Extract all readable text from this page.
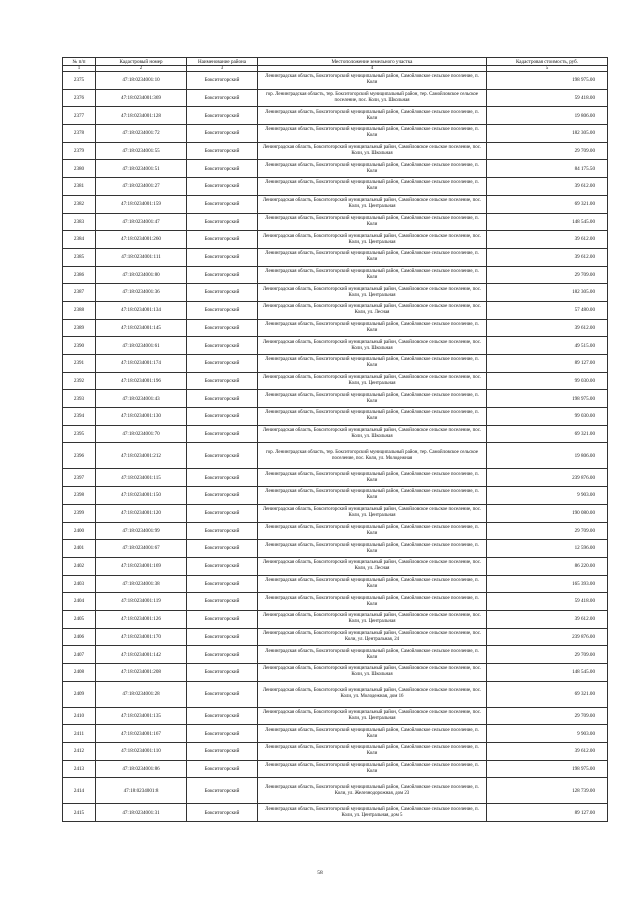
№ п/п	Кадастровый номер	Наименование района	Местоположение земельного участка	Кадастровая стоимость, руб.
1	2	3	4	5
2375	47:18:0234001:10	Бокситогорский	Ленинградская область, Бокситогорский муниципальный район, Самойловское сельское поселение, п. Коли	198 975.00
2376	47:18:0234001:369	Бокситогорский	гор. Ленинградская область, тер. Бокситогорский муниципальный район, тер. Самойловское сельское поселение, пос. Коли, ул. Школьная	59 418.00
2377	47:18:0234001:128	Бокситогорский	Ленинградская область, Бокситогорский муниципальный район, Самойловское сельское поселение, п. Коли	19 806.00
2378	47:18:0234001:72	Бокситогорский	Ленинградская область, Бокситогорский муниципальный район, Самойловское сельское поселение, п. Коли	182 305.00
2379	47:18:0234001:55	Бокситогорский	Ленинградская область, Бокситогорский муниципальный район, Самойловское сельское поселение, пос. Коли, ул. Школьная	29 709.00
2380	47:18:0234001:51	Бокситогорский	Ленинградская область, Бокситогорский муниципальный район, Самойловское сельское поселение, п. Коли	84 175.50
2381	47:18:0234001:27	Бокситогорский	Ленинградская область, Бокситогорский муниципальный район, Самойловское сельское поселение, п. Коли	39 612.00
2382	47:18:0234001:159	Бокситогорский	Ленинградская область, Бокситогорский муниципальный район, Самойловское сельское поселение, пос. Коли, ул. Центральная	69 321.00
2383	47:18:0234001:47	Бокситогорский	Ленинградская область, Бокситогорский муниципальный район, Самойловское сельское поселение, п. Коли	148 545.00
2384	47:18:0234001:260	Бокситогорский	Ленинградская область, Бокситогорский муниципальный район, Самойловское сельское поселение, пос. Коли, ул. Центральная	39 612.00
2385	47:18:0234001:111	Бокситогорский	Ленинградская область, Бокситогорский муниципальный район, Самойловское сельское поселение, п. Коли	39 612.00
2386	47:18:0234001:80	Бокситогорский	Ленинградская область, Бокситогорский муниципальный район, Самойловское сельское поселение, п. Коли	29 709.00
2387	47:18:0234001:36	Бокситогорский	Ленинградская область, Бокситогорский муниципальный район, Самойловское сельское поселение, пос. Коли, ул. Центральная	182 305.00
2388	47:18:0234001:134	Бокситогорский	Ленинградская область, Бокситогорский муниципальный район, Самойловское сельское поселение, пос. Коли, ул. Лесная	57 480.00
2389	47:18:0234001:145	Бокситогорский	Ленинградская область, Бокситогорский муниципальный район, Самойловское сельское поселение, п. Коли	39 612.00
2390	47:18:0234001:61	Бокситогорский	Ленинградская область, Бокситогорский муниципальный район, Самойловское сельское поселение, пос. Коли, ул. Школьная	49 515.00
2391	47:18:0234001:174	Бокситогорский	Ленинградская область, Бокситогорский муниципальный район, Самойловское сельское поселение, п. Коли	89 127.00
2392	47:18:0234001:196	Бокситогорский	Ленинградская область, Бокситогорский муниципальный район, Самойловское сельское поселение, пос. Коли, ул. Центральная	99 030.00
2393	47:18:0234001:43	Бокситогорский	Ленинградская область, Бокситогорский муниципальный район, Самойловское сельское поселение, п. Коли	198 975.00
2394	47:18:0234001:130	Бокситогорский	Ленинградская область, Бокситогорский муниципальный район, Самойловское сельское поселение, п. Коли	99 030.00
2395	47:18:0234001:70	Бокситогорский	Ленинградская область, Бокситогорский муниципальный район, Самойловское сельское поселение, пос. Коли, ул. Школьная	69 321.00
2396	47:18:0234001:212	Бокситогорский	гор. Ленинградская область, тер. Бокситогорский муниципальный район, тер. Самойловское сельское поселение, пос. Коли, ул. Молодежная	19 806.00
2397	47:18:0234001:115	Бокситогорский	Ленинградская область, Бокситогорский муниципальный район, Самойловское сельское поселение, п. Коли	239 876.00
2398	47:18:0234001:150	Бокситогорский	Ленинградская область, Бокситогорский муниципальный район, Самойловское сельское поселение, п. Коли	9 903.00
2399	47:18:0234001:120	Бокситогорский	Ленинградская область, Бокситогорский муниципальный район, Самойловское сельское поселение, пос. Коли, ул. Центральная	190 080.00
2400	47:18:0234001:99	Бокситогорский	Ленинградская область, Бокситогорский муниципальный район, Самойловское сельское поселение, п. Коли	29 709.00
2401	47:18:0234001:67	Бокситогорский	Ленинградская область, Бокситогорский муниципальный район, Самойловское сельское поселение, п. Коли	12 596.00
2402	47:18:0234001:169	Бокситогорский	Ленинградская область, Бокситогорский муниципальный район, Самойловское сельское поселение, пос. Коли, ул. Лесная	86 220.00
2403	47:18:0234001:38	Бокситогорский	Ленинградская область, Бокситогорский муниципальный район, Самойловское сельское поселение, п. Коли	165 393.00
2404	47:18:0234001:119	Бокситогорский	Ленинградская область, Бокситогорский муниципальный район, Самойловское сельское поселение, п. Коли	59 418.00
2405	47:18:0234001:126	Бокситогорский	Ленинградская область, Бокситогорский муниципальный район, Самойловское сельское поселение, пос. Коли, ул. Центральная	39 612.00
2406	47:18:0234001:170	Бокситогорский	Ленинградская область, Бокситогорский муниципальный район, Самойловское сельское поселение, пос. Коли, ул. Центральная, 24	239 876.00
2407	47:18:0234001:142	Бокситогорский	Ленинградская область, Бокситогорский муниципальный район, Самойловское сельское поселение, п. Коли	29 709.00
2408	47:18:0234001:208	Бокситогорский	Ленинградская область, Бокситогорский муниципальный район, Самойловское сельское поселение, пос. Коли, ул. Школьная	148 545.00
2409	47:18:0234001:28	Бокситогорский	Ленинградская область, Бокситогорский муниципальный район, Самойловское сельское поселение, пос. Коли, ул. Молодежная, дом 16	69 321.00
2410	47:18:0234001:135	Бокситогорский	Ленинградская область, Бокситогорский муниципальный район, Самойловское сельское поселение, пос. Коли, ул. Центральная	29 709.00
2411	47:18:0234001:167	Бокситогорский	Ленинградская область, Бокситогорский муниципальный район, Самойловское сельское поселение, п. Коли	9 903.00
2412	47:18:0234001:110	Бокситогорский	Ленинградская область, Бокситогорский муниципальный район, Самойловское сельское поселение, п. Коли	39 612.00
2413	47:18:0234001:86	Бокситогорский	Ленинградская область, Бокситогорский муниципальный район, Самойловское сельское поселение, п. Коли	198 975.00
2414	47:18:0234001:8	Бокситогорский	Ленинградская область, Бокситогорский муниципальный район, Самойловское сельское поселение, п. Коли, ул. Железнодорожная, дом 23	128 739.00
2415	47:18:0234001:31	Бокситогорский	Ленинградская область, Бокситогорский муниципальный район, Самойловское сельское поселение, п. Коли, ул. Центральная, дом 5	89 127.00
58
